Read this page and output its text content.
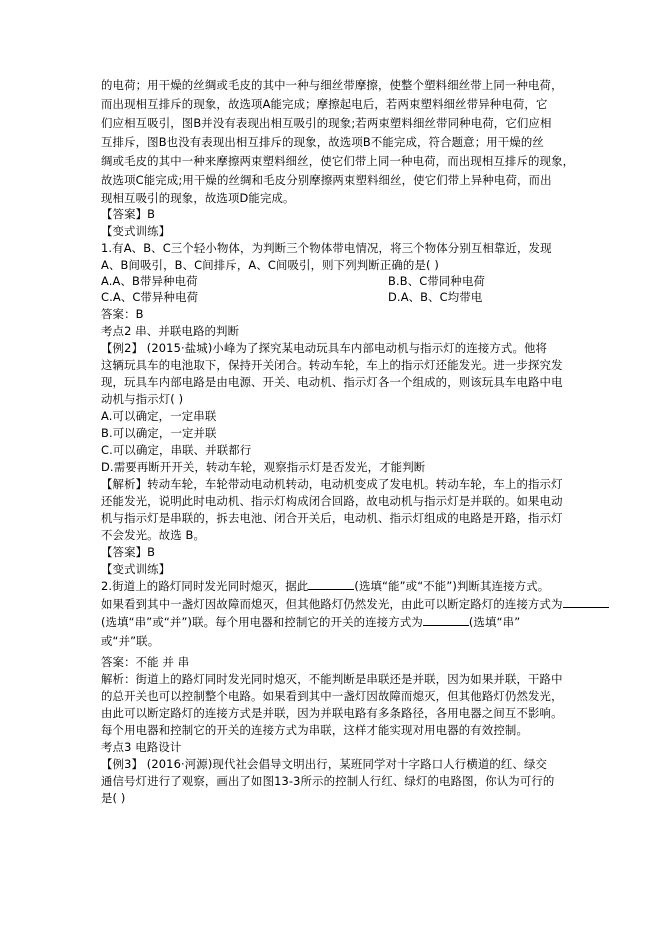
的电荷；用干燥的丝绸或毛皮的其中一种与细丝带摩擦，使整个塑料细丝带上同一种电荷，
而出现相互排斥的现象，故选项A能完成；摩擦起电后，若两束塑料细丝带异种电荷，它
们应相互吸引，图B并没有表现出相互吸引的现象;若两束塑料细丝带同种电荷，它们应相
互排斥，图B也没有表现出相互排斥的现象，故选项B不能完成，符合题意；用干燥的丝
绸或毛皮的其中一种来摩擦两束塑料细丝，使它们带上同一种电荷，而出现相互排斥的现象，
故选项C能完成;用干燥的丝绸和毛皮分别摩擦两束塑料细丝，使它们带上异种电荷，而出
现相互吸引的现象，故选项D能完成。
【答案】B
【变式训练】
1.有A、B、C三个轻小物体，为判断三个物体带电情况，将三个物体分别互相靠近，发现
A、B间吸引，B、C间排斥，A、C间吸引，则下列判断正确的是( )
A.A、B带异种电荷	B.B、C带同种电荷
C.A、C带异种电荷	D.A、B、C均带电
答案：B
考点2 串、并联电路的判断
【例2】 (2015·盐城)小峰为了探究某电动玩具车内部电动机与指示灯的连接方式。他将
这辆玩具车的电池取下，保持开关闭合。转动车轮，车上的指示灯还能发光。进一步探究发
现，玩具车内部电路是由电源、开关、电动机、指示灯各一个组成的，则该玩具车电路中电
动机与指示灯( )
A.可以确定，一定串联
B.可以确定，一定并联
C.可以确定，串联、并联都行
D.需要再断开开关，转动车轮，观察指示灯是否发光，才能判断
【解析】转动车轮，车轮带动电动机转动，电动机变成了发电机。转动车轮，车上的指示灯
还能发光，说明此时电动机、指示灯构成闭合回路，故电动机与指示灯是并联的。如果电动
机与指示灯是串联的，拆去电池、闭合开关后，电动机、指示灯组成的电路是开路，指示灯
不会发光。故选 B。
【答案】B
【变式训练】
2.街道上的路灯同时发光同时熄灭，据此	(选填“能”或“不能”)判断其连接方式。
如果看到其中一盏灯因故障而熄灭，但其他路灯仍然发光，由此可以断定路灯的连接方式为
(选填“串”或“并”)联。每个用电器和控制它的开关的连接方式为	(选填“串”
或“并”联。
答案：不能 并 串
解析：街道上的路灯同时发光同时熄灭，不能判断是串联还是并联，因为如果并联，干路中
的总开关也可以控制整个电路。如果看到其中一盏灯因故障而熄灭，但其他路灯仍然发光，
由此可以断定路灯的连接方式是并联，因为并联电路有多条路径，各用电器之间互不影响。
每个用电器和控制它的开关的连接方式为串联，这样才能实现对用电器的有效控制。
考点3 电路设计
【例3】 (2016·河源)现代社会倡导文明出行，某班同学对十字路口人行横道的红、绿交
通信号灯进行了观察，画出了如图13-3所示的控制人行红、绿灯的电路图，你认为可行的
是( )
